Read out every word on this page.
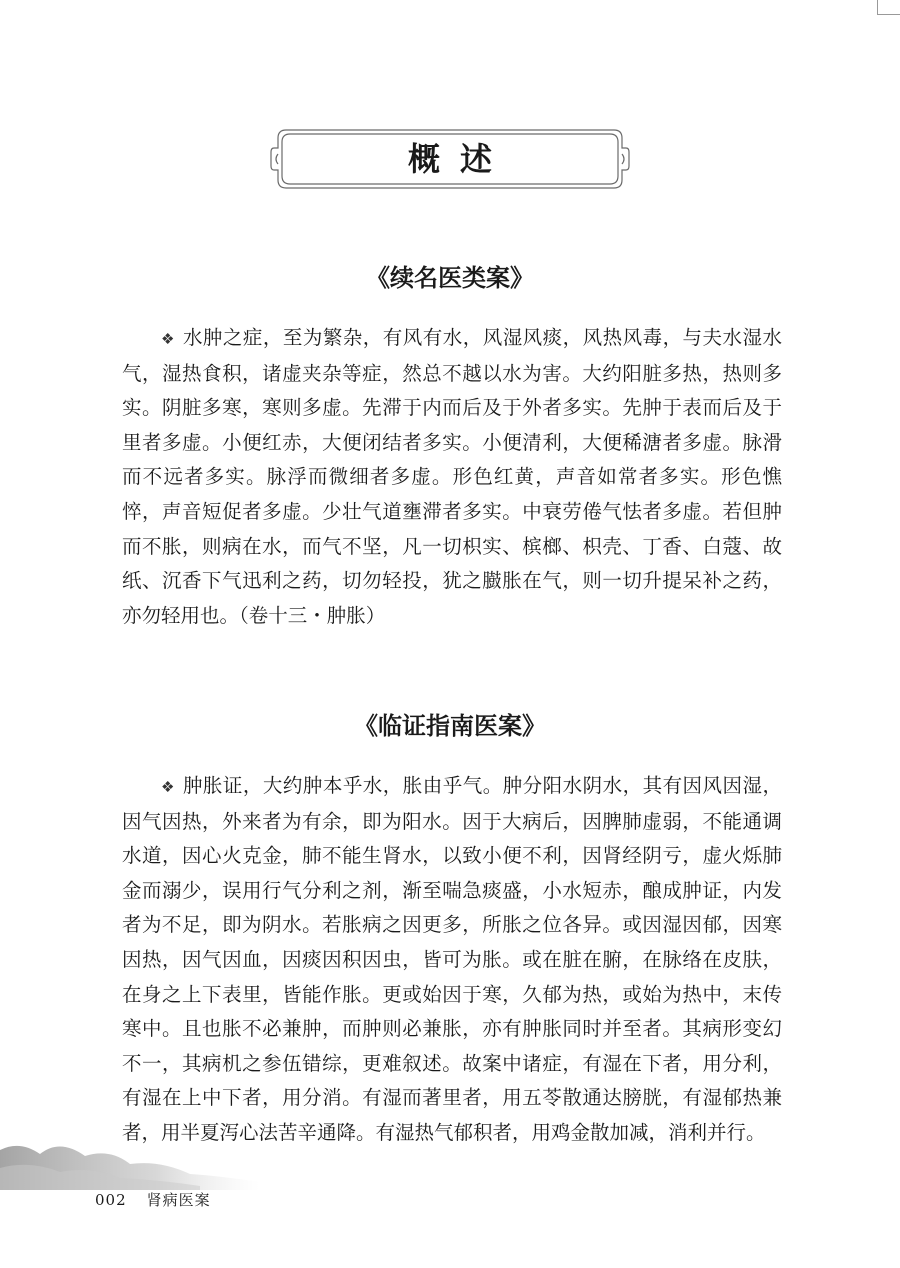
概述
《续名医类案》

❖ 水肿之症，至为繁杂，有风有水，风湿风痰，风热风毒，与夫水湿水气，湿热食积，诸虚夹杂等症，然总不越以水为害。大约阳脏多热，热则多实。阴脏多寒，寒则多虚。先滞于内而后及于外者多实。先肿于表而后及于里者多虚。小便红赤，大便闭结者多实。小便清利，大便稀溏者多虚。脉滑而不远者多实。脉浮而微细者多虚。形色红黄，声音如常者多实。形色憔悴，声音短促者多虚。少壮气道壅滞者多实。中衰劳倦气怯者多虚。若但肿而不胀，则病在水，而气不坚，凡一切枳实、槟榔、枳壳、丁香、白蔻、故纸、沉香下气迅利之药，切勿轻投，犹之臌胀在气，则一切升提呆补之药，亦勿轻用也。（卷十三・肿胀）

《临证指南医案》

❖ 肿胀证，大约肿本乎水，胀由乎气。肿分阳水阴水，其有因风因湿，因气因热，外来者为有余，即为阳水。因于大病后，因脾肺虚弱，不能通调水道，因心火克金，肺不能生肾水，以致小便不利，因肾经阴亏，虚火烁肺金而溺少，误用行气分利之剂，渐至喘急痰盛，小水短赤，酿成肿证，内发者为不足，即为阴水。若胀病之因更多，所胀之位各异。或因湿因郁，因寒因热，因气因血，因痰因积因虫，皆可为胀。或在脏在腑，在脉络在皮肤，在身之上下表里，皆能作胀。更或始因于寒，久郁为热，或始为热中，末传寒中。且也胀不必兼肿，而肿则必兼胀，亦有肿胀同时并至者。其病形变幻不一，其病机之参伍错综，更难叙述。故案中诸症，有湿在下者，用分利，有湿在上中下者，用分消。有湿而著里者，用五苓散通达膀胱，有湿郁热兼者，用半夏泻心法苦辛通降。有湿热气郁积者，用鸡金散加减，消利并行。

002 肾病医案
